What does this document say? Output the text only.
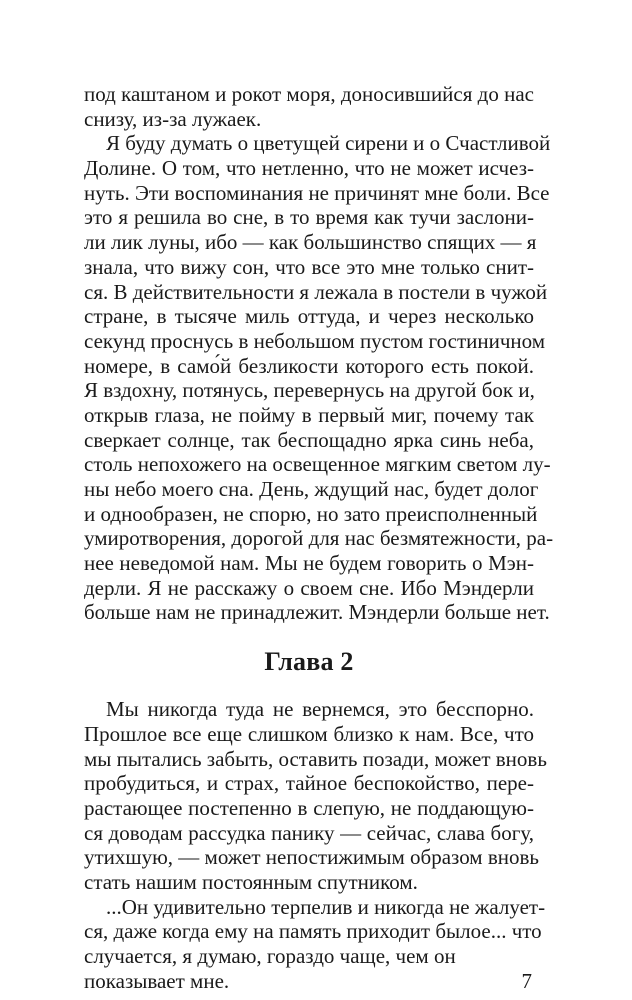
под каштаном и рокот моря, доносившийся до нас
снизу, из-за лужаек.
Я буду думать о цветущей сирени и о Счастливой
Долине. О том, что нетленно, что не может исчез-
нуть. Эти воспоминания не причинят мне боли. Все
это я решила во сне, в то время как тучи заслони-
ли лик луны, ибо — как большинство спящих — я
знала, что вижу сон, что все это мне только снит-
ся. В действительности я лежала в постели в чужой
стране, в тысяче миль оттуда, и через несколько
секунд проснусь в небольшом пустом гостиничном
номере, в само́й безликости которого есть покой.
Я вздохну, потянусь, перевернусь на другой бок и,
открыв глаза, не пойму в первый миг, почему так
сверкает солнце, так беспощадно ярка синь неба,
столь непохожего на освещенное мягким светом лу-
ны небо моего сна. День, ждущий нас, будет долог
и однообразен, не спорю, но зато преисполненный
умиротворения, дорогой для нас безмятежности, ра-
нее неведомой нам. Мы не будем говорить о Мэн-
дерли. Я не расскажу о своем сне. Ибо Мэндерли
больше нам не принадлежит. Мэндерли больше нет.
Глава 2
Мы никогда туда не вернемся, это бесспорно.
Прошлое все еще слишком близко к нам. Все, что
мы пытались забыть, оставить позади, может вновь
пробудиться, и страх, тайное беспокойство, пере-
растающее постепенно в слепую, не поддающую-
ся доводам рассудка панику — сейчас, слава богу,
утихшую, — может непостижимым образом вновь
стать нашим постоянным спутником.
...Он удивительно терпелив и никогда не жалует-
ся, даже когда ему на память приходит былое... что
случается, я думаю, гораздо чаще, чем он
показывает мне.	7
